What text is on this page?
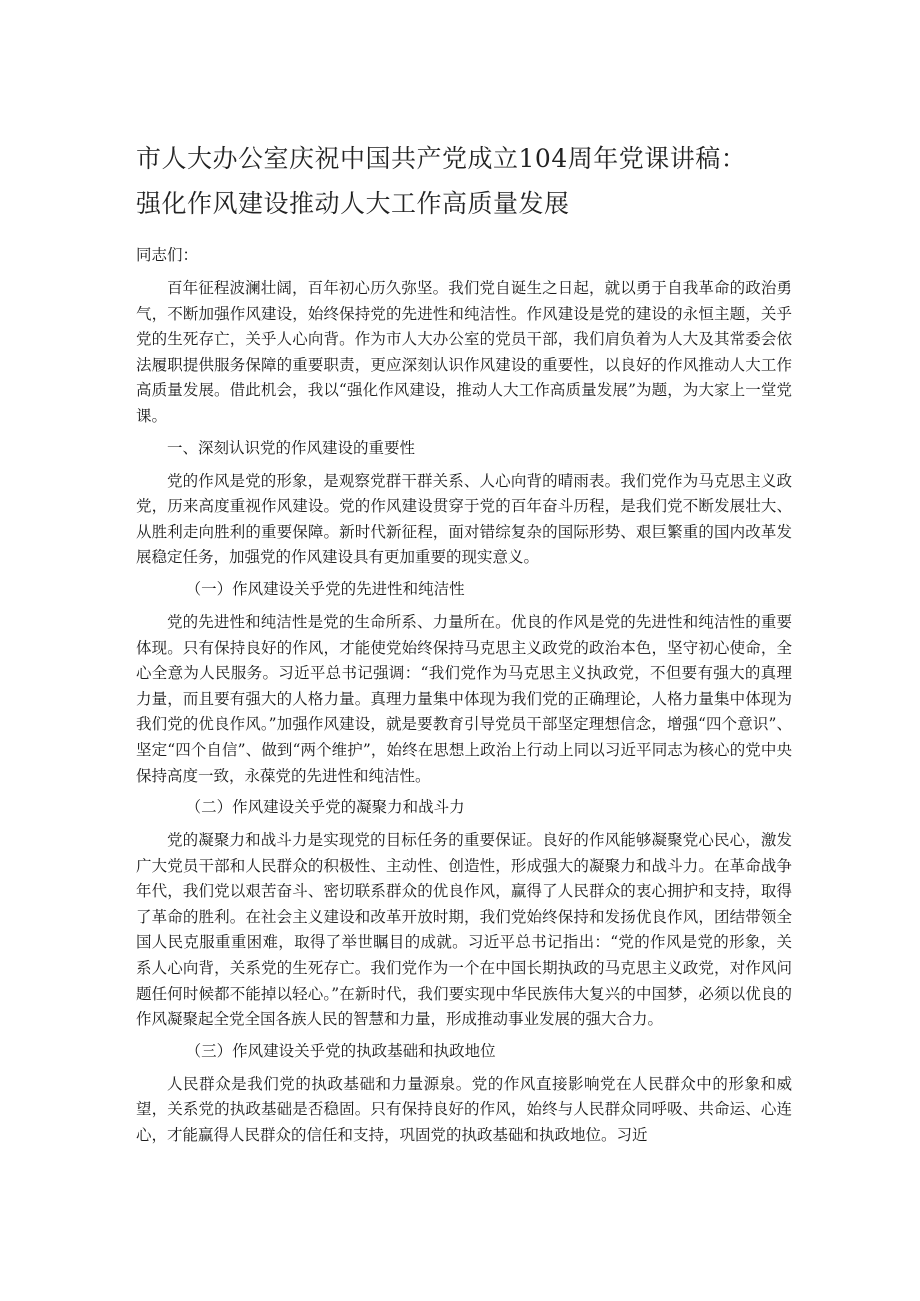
市人大办公室庆祝中国共产党成立104周年党课讲稿：
强化作风建设推动人大工作高质量发展

同志们：

百年征程波澜壮阔，百年初心历久弥坚。我们党自诞生之日起，就以勇于自我革命的政治勇气，不断加强作风建设，始终保持党的先进性和纯洁性。作风建设是党的建设的永恒主题，关乎党的生死存亡，关乎人心向背。作为市人大办公室的党员干部，我们肩负着为人大及其常委会依法履职提供服务保障的重要职责，更应深刻认识作风建设的重要性，以良好的作风推动人大工作高质量发展。借此机会，我以“强化作风建设，推动人大工作高质量发展”为题，为大家上一堂党课。

一、深刻认识党的作风建设的重要性

党的作风是党的形象，是观察党群干群关系、人心向背的晴雨表。我们党作为马克思主义政党，历来高度重视作风建设。党的作风建设贯穿于党的百年奋斗历程，是我们党不断发展壮大、从胜利走向胜利的重要保障。新时代新征程，面对错综复杂的国际形势、艰巨繁重的国内改革发展稳定任务，加强党的作风建设具有更加重要的现实意义。

（一）作风建设关乎党的先进性和纯洁性

党的先进性和纯洁性是党的生命所系、力量所在。优良的作风是党的先进性和纯洁性的重要体现。只有保持良好的作风，才能使党始终保持马克思主义政党的政治本色，坚守初心使命，全心全意为人民服务。习近平总书记强调：“我们党作为马克思主义执政党，不但要有强大的真理力量，而且要有强大的人格力量。真理力量集中体现为我们党的正确理论，人格力量集中体现为我们党的优良作风。”加强作风建设，就是要教育引导党员干部坚定理想信念，增强“四个意识”、坚定“四个自信”、做到“两个维护”，始终在思想上政治上行动上同以习近平同志为核心的党中央保持高度一致，永葆党的先进性和纯洁性。

（二）作风建设关乎党的凝聚力和战斗力

党的凝聚力和战斗力是实现党的目标任务的重要保证。良好的作风能够凝聚党心民心，激发广大党员干部和人民群众的积极性、主动性、创造性，形成强大的凝聚力和战斗力。在革命战争年代，我们党以艰苦奋斗、密切联系群众的优良作风，赢得了人民群众的衷心拥护和支持，取得了革命的胜利。在社会主义建设和改革开放时期，我们党始终保持和发扬优良作风，团结带领全国人民克服重重困难，取得了举世瞩目的成就。习近平总书记指出：“党的作风是党的形象，关系人心向背，关系党的生死存亡。我们党作为一个在中国长期执政的马克思主义政党，对作风问题任何时候都不能掉以轻心。”在新时代，我们要实现中华民族伟大复兴的中国梦，必须以优良的作风凝聚起全党全国各族人民的智慧和力量，形成推动事业发展的强大合力。

（三）作风建设关乎党的执政基础和执政地位

人民群众是我们党的执政基础和力量源泉。党的作风直接影响党在人民群众中的形象和威望，关系党的执政基础是否稳固。只有保持良好的作风，始终与人民群众同呼吸、共命运、心连心，才能赢得人民群众的信任和支持，巩固党的执政基础和执政地位。习近
